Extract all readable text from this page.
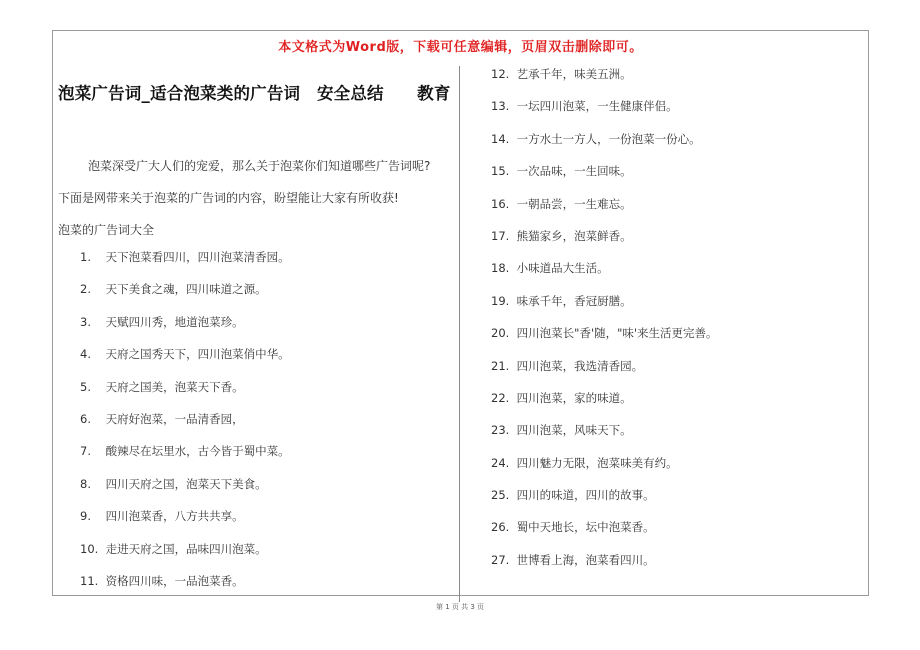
本文格式为Word版，下载可任意编辑，页眉双击删除即可。
泡菜广告词_适合泡菜类的广告词　安全总结　　教育

泡菜深受广大人们的宠爱，那么关于泡菜你们知道哪些广告词呢?

下面是网带来关于泡菜的广告词的内容，盼望能让大家有所收获!

泡菜的广告词大全

1. 天下泡菜看四川，四川泡菜清香园。
2. 天下美食之魂，四川味道之源。
3. 天赋四川秀，地道泡菜珍。
4. 天府之国秀天下，四川泡菜俏中华。
5. 天府之国美，泡菜天下香。
6. 天府好泡菜，一品清香园，
7. 酸辣尽在坛里水，古今皆于蜀中菜。
8. 四川天府之国，泡菜天下美食。
9. 四川泡菜香，八方共共享。
10. 走进天府之国，品味四川泡菜。
11. 资格四川味，一品泡菜香。
12. 艺承千年，味美五洲。
13. 一坛四川泡菜，一生健康伴侣。
14. 一方水土一方人，一份泡菜一份心。
15. 一次品味，一生回味。
16. 一朝品尝，一生难忘。
17. 熊猫家乡，泡菜鲜香。
18. 小味道品大生活。
19. 味承千年，香冠厨膳。
20. 四川泡菜长"香'随，"味'来生活更完善。
21. 四川泡菜，我选清香园。
22. 四川泡菜，家的味道。
23. 四川泡菜，风味天下。
24. 四川魅力无限，泡菜味美有约。
25. 四川的味道，四川的故事。
26. 蜀中天地长，坛中泡菜香。
27. 世博看上海，泡菜看四川。
第 1 页 共 3 页
